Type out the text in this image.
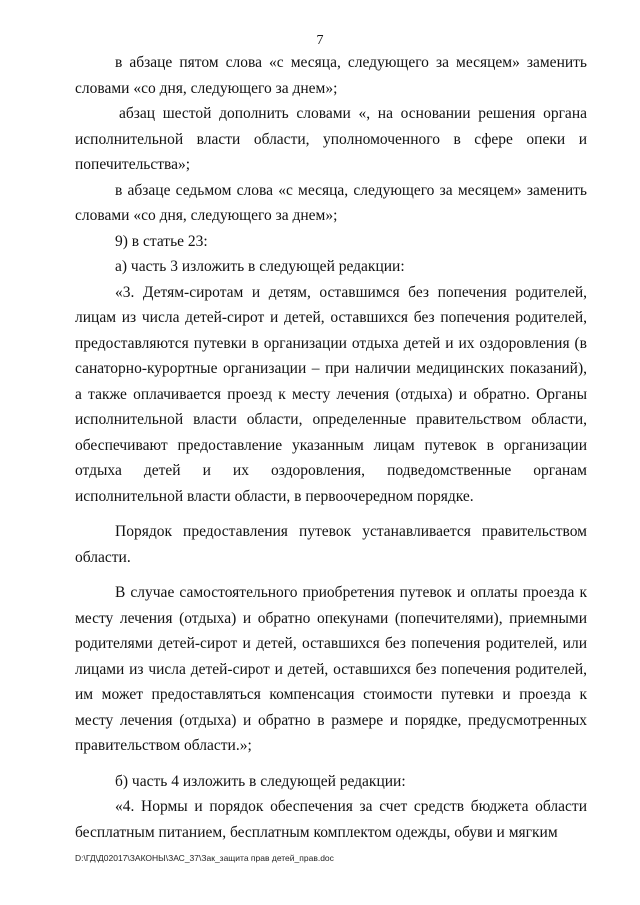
7

в абзаце пятом слова «с месяца, следующего за месяцем» заменить словами «со дня, следующего за днем»;

абзац шестой дополнить словами «, на основании решения органа исполнительной власти области, уполномоченного в сфере опеки и попечительства»;

в абзаце седьмом слова «с месяца, следующего за месяцем» заменить словами «со дня, следующего за днем»;

9) в статье 23:

а) часть 3 изложить в следующей редакции:

«3. Детям-сиротам и детям, оставшимся без попечения родителей, лицам из числа детей-сирот и детей, оставшихся без попечения родителей, предоставляются путевки в организации отдыха детей и их оздоровления (в санаторно-курортные организации – при наличии медицинских показаний), а также оплачивается проезд к месту лечения (отдыха) и обратно. Органы исполнительной власти области, определенные правительством области, обеспечивают предоставление указанным лицам путевок в организации отдыха детей и их оздоровления, подведомственные органам исполнительной власти области, в первоочередном порядке.

Порядок предоставления путевок устанавливается правительством области.

В случае самостоятельного приобретения путевок и оплаты проезда к месту лечения (отдыха) и обратно опекунами (попечителями), приемными родителями детей-сирот и детей, оставшихся без попечения родителей, или лицами из числа детей-сирот и детей, оставшихся без попечения родителей, им может предоставляться компенсация стоимости путевки и проезда к месту лечения (отдыха) и обратно в размере и порядке, предусмотренных правительством области.»;

б) часть 4 изложить в следующей редакции:

«4. Нормы и порядок обеспечения за счет средств бюджета области бесплатным питанием, бесплатным комплектом одежды, обуви и мягким

D:\ГД\Д02017\ЗАКОНЫ\ЗАС_37\Зак_защита прав детей_прав.doc
